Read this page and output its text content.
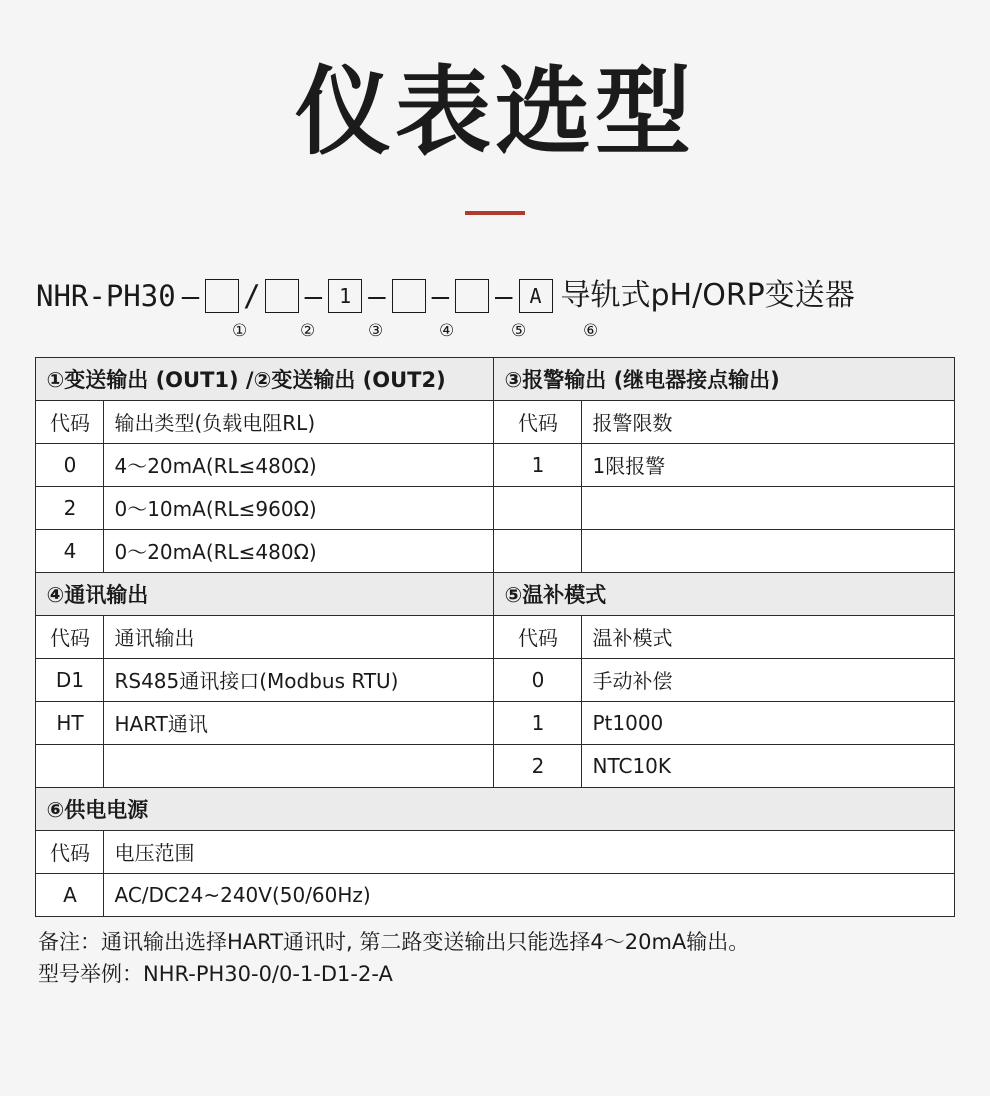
仪表选型
NHR-PH30 — / — 1 — — — A 导轨式pH/ORP变送器
①	②	③	④	⑤	⑥
①变送输出 (OUT1) /②变送输出 (OUT2)		③报警输出 (继电器接点输出)	
代码	输出类型(负载电阻RL)	代码	报警限数
0	4～20mA(RL≤480Ω)	1	1限报警
2	0～10mA(RL≤960Ω)		
4	0～20mA(RL≤480Ω)		
④通讯输出		⑤温补模式	
代码	通讯输出	代码	温补模式
D1	RS485通讯接口(Modbus RTU)	0	手动补偿
HT	HART通讯	1	Pt1000
		2	NTC10K
⑥供电电源			
代码	电压范围		
A	AC/DC24~240V(50/60Hz)		
备注：通讯输出选择HART通讯时, 第二路变送输出只能选择4～20mA输出。
型号举例：NHR-PH30-0/0-1-D1-2-A
